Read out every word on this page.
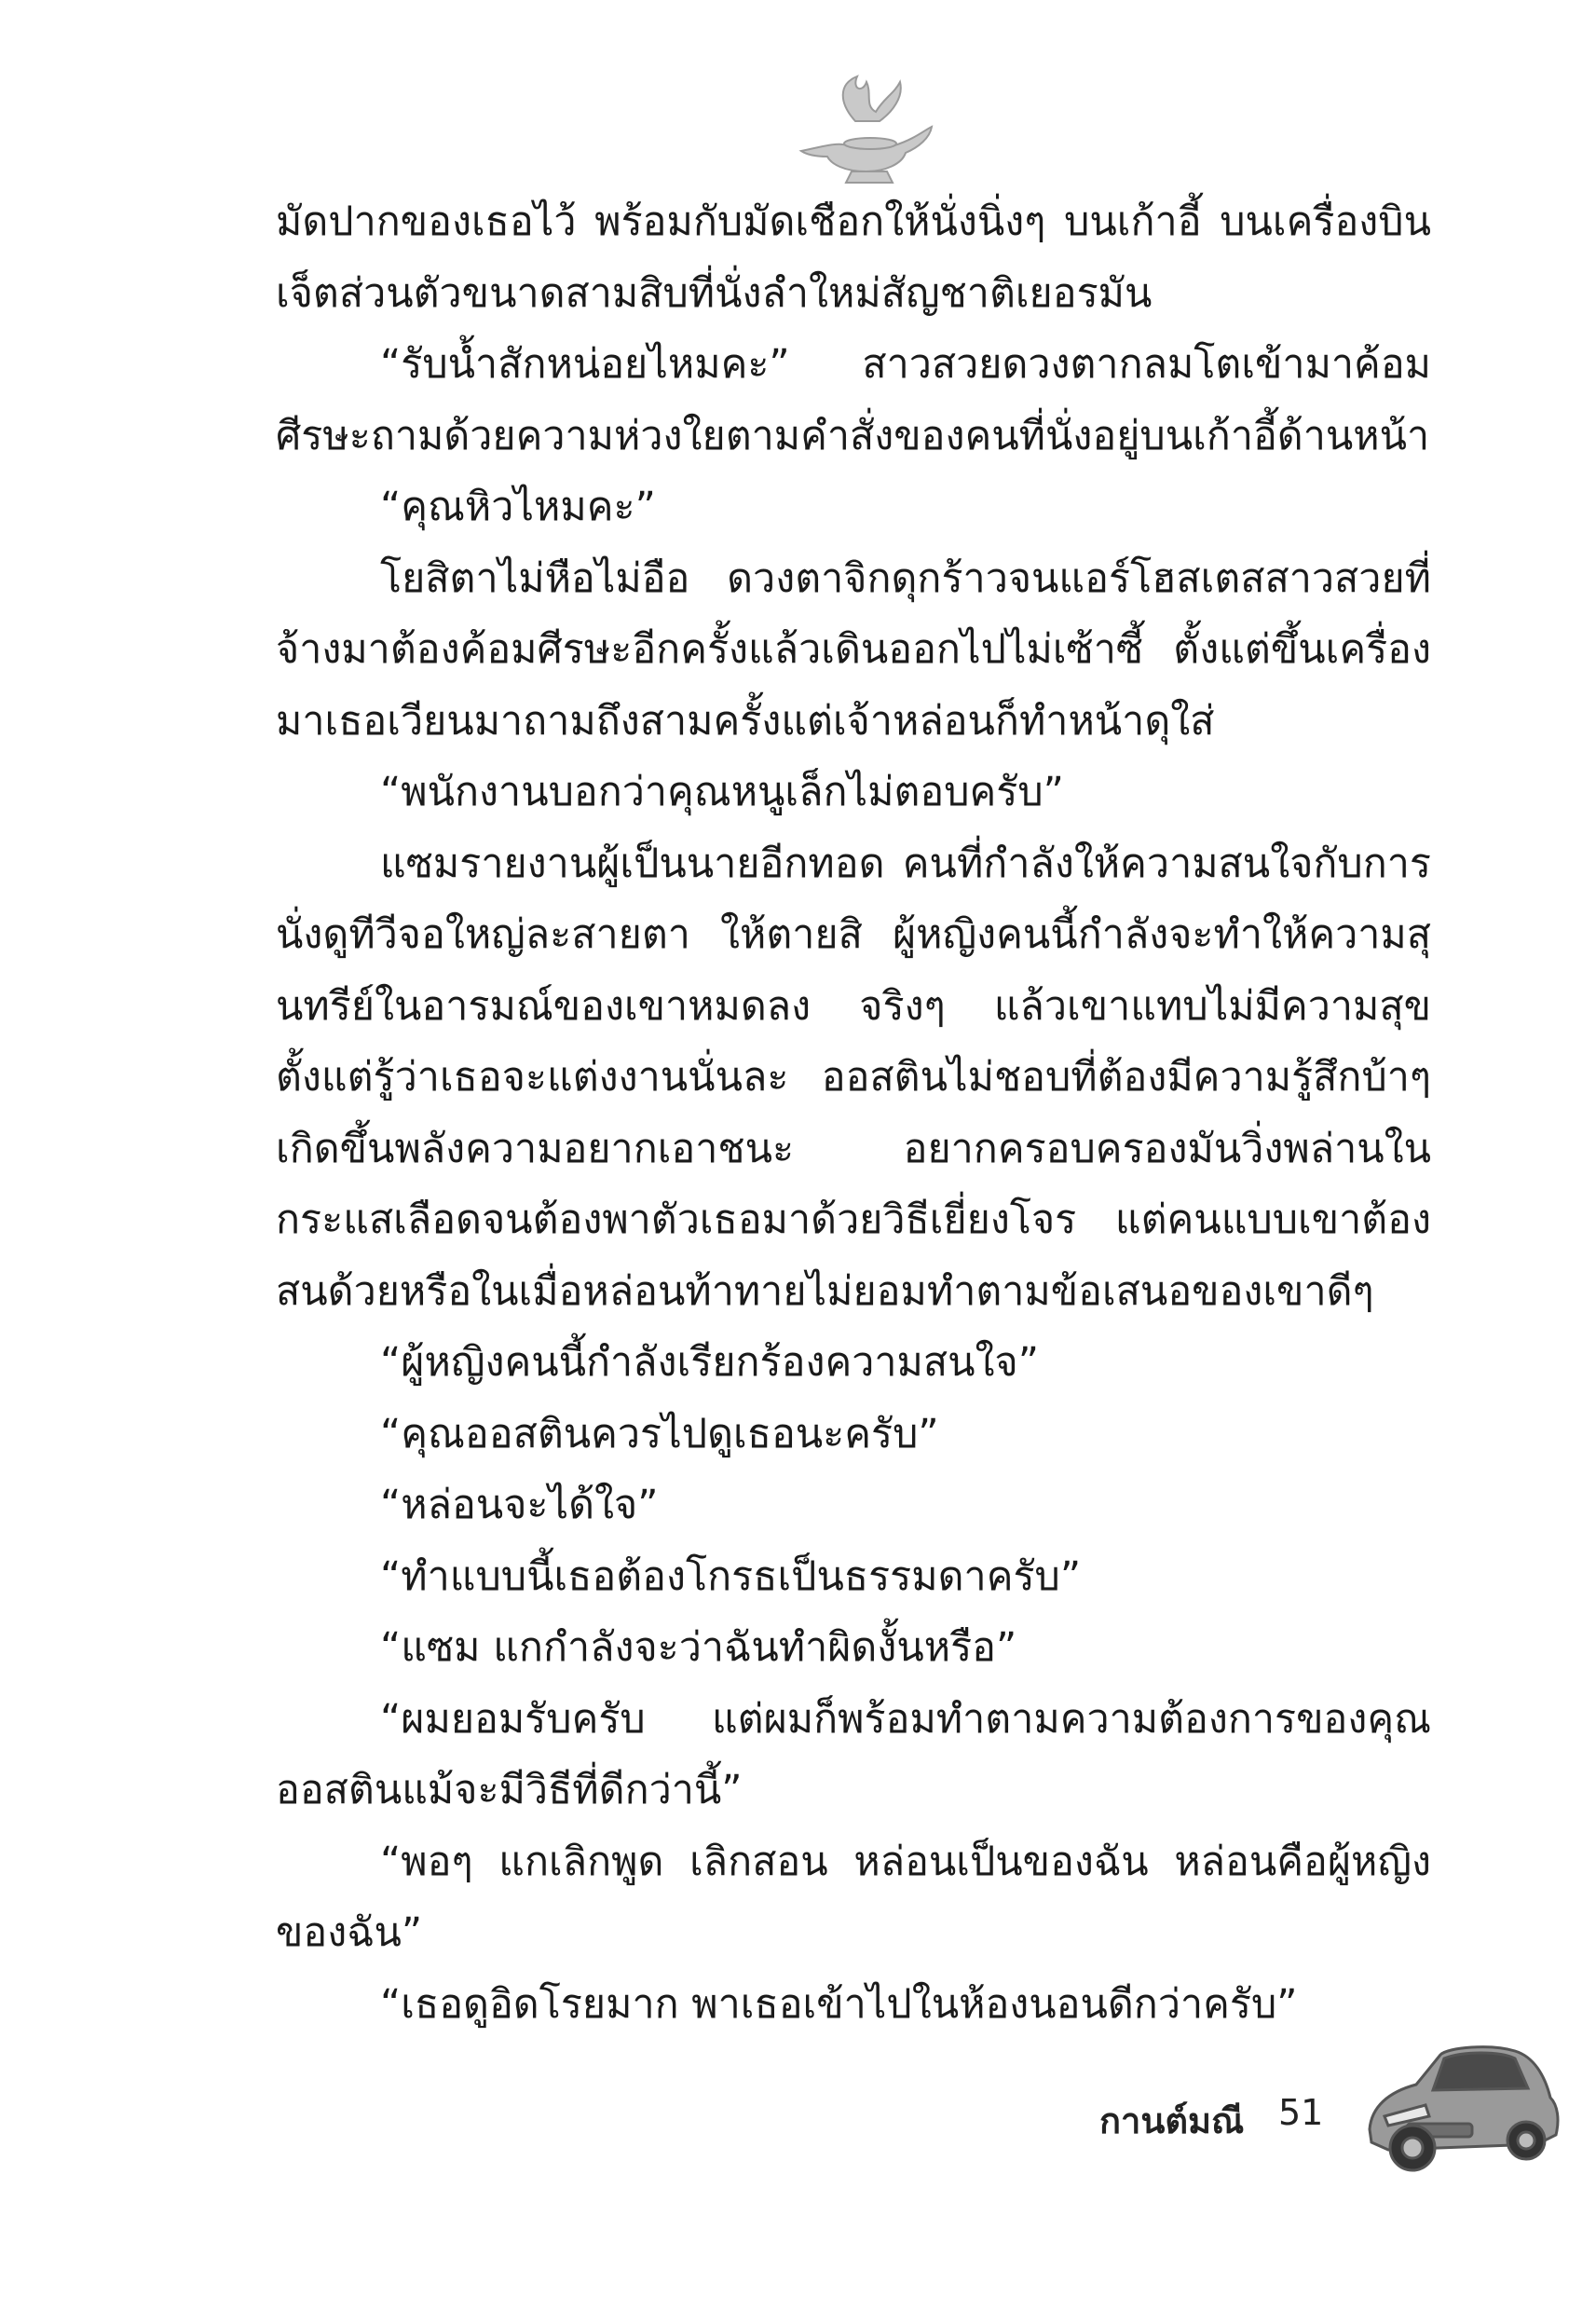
มัดปากของเธอไว้ พร้อมกับมัดเชือกให้นั่งนิ่งๆ บนเก้าอี้ บนเครื่องบินเจ็ตส่วนตัวขนาดสามสิบที่นั่งลำใหม่สัญชาติเยอรมัน

“รับน้ำสักหน่อยไหมคะ” สาวสวยดวงตากลมโตเข้ามาค้อมศีรษะถามด้วยความห่วงใยตามคำสั่งของคนที่นั่งอยู่บนเก้าอี้ด้านหน้า

“คุณหิวไหมคะ”

โยสิตาไม่หือไม่อือ ดวงตาจิกดุกร้าวจนแอร์โฮสเตสสาวสวยที่จ้างมาต้องค้อมศีรษะอีกครั้งแล้วเดินออกไปไม่เซ้าซี้ ตั้งแต่ขึ้นเครื่องมาเธอเวียนมาถามถึงสามครั้งแต่เจ้าหล่อนก็ทำหน้าดุใส่

“พนักงานบอกว่าคุณหนูเล็กไม่ตอบครับ”

แซมรายงานผู้เป็นนายอีกทอด คนที่กำลังให้ความสนใจกับการนั่งดูทีวีจอใหญ่ละสายตา ให้ตายสิ ผู้หญิงคนนี้กำลังจะทำให้ความสุนทรีย์ในอารมณ์ของเขาหมดลง จริงๆ แล้วเขาแทบไม่มีความสุขตั้งแต่รู้ว่าเธอจะแต่งงานนั่นละ ออสตินไม่ชอบที่ต้องมีความรู้สึกบ้าๆ เกิดขึ้นพลังความอยากเอาชนะ อยากครอบครองมันวิ่งพล่านในกระแสเลือดจนต้องพาตัวเธอมาด้วยวิธีเยี่ยงโจร แต่คนแบบเขาต้องสนด้วยหรือในเมื่อหล่อนท้าทายไม่ยอมทำตามข้อเสนอของเขาดีๆ

“ผู้หญิงคนนี้กำลังเรียกร้องความสนใจ”

“คุณออสตินควรไปดูเธอนะครับ”

“หล่อนจะได้ใจ”

“ทำแบบนี้เธอต้องโกรธเป็นธรรมดาครับ”

“แซม แกกำลังจะว่าฉันทำผิดงั้นหรือ”

“ผมยอมรับครับ แต่ผมก็พร้อมทำตามความต้องการของคุณออสตินแม้จะมีวิธีที่ดีกว่านี้”

“พอๆ แกเลิกพูด เลิกสอน หล่อนเป็นของฉัน หล่อนคือผู้หญิงของฉัน”

“เธอดูอิดโรยมาก พาเธอเข้าไปในห้องนอนดีกว่าครับ”

กานต์มณี 51
